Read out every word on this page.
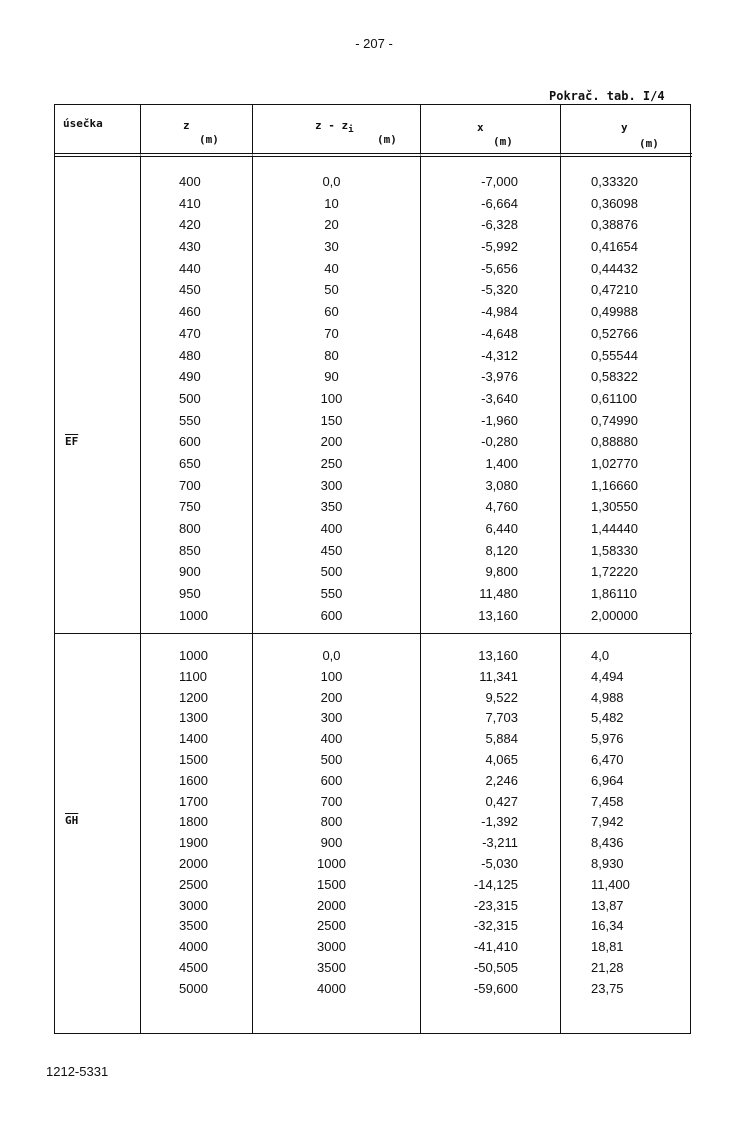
- 207 -
Pokrač. tab. I/4
úsečka	z
(m)
z - $z_i$
(m)
x
(m)
y
(m)
$\overline{EF}$
400
410
420
430
440
450
460
470
480
490
500
550
600
650
700
750
800
850
900
950
1000
0,0
10
20
30
40
50
60
70
80
90
100
150
200
250
300
350
400
450
500
550
600
-7,000
-6,664
-6,328
-5,992
-5,656
-5,320
-4,984
-4,648
-4,312
-3,976
-3,640
-1,960
-0,280
1,400
3,080
4,760
6,440
8,120
9,800
11,480
13,160
0,33320
0,36098
0,38876
0,41654
0,44432
0,47210
0,49988
0,52766
0,55544
0,58322
0,61100
0,74990
0,88880
1,02770
1,16660
1,30550
1,44440
1,58330
1,72220
1,86110
2,00000
$\overline{GH}$
1000
1100
1200
1300
1400
1500
1600
1700
1800
1900
2000
2500
3000
3500
4000
4500
5000
0,0
100
200
300
400
500
600
700
800
900
1000
1500
2000
2500
3000
3500
4000
13,160
11,341
9,522
7,703
5,884
4,065
2,246
0,427
-1,392
-3,211
-5,030
-14,125
-23,315
-32,315
-41,410
-50,505
-59,600
4,0
4,494
4,988
5,482
5,976
6,470
6,964
7,458
7,942
8,436
8,930
11,400
13,87
16,34
18,81
21,28
23,75
1212-5331
